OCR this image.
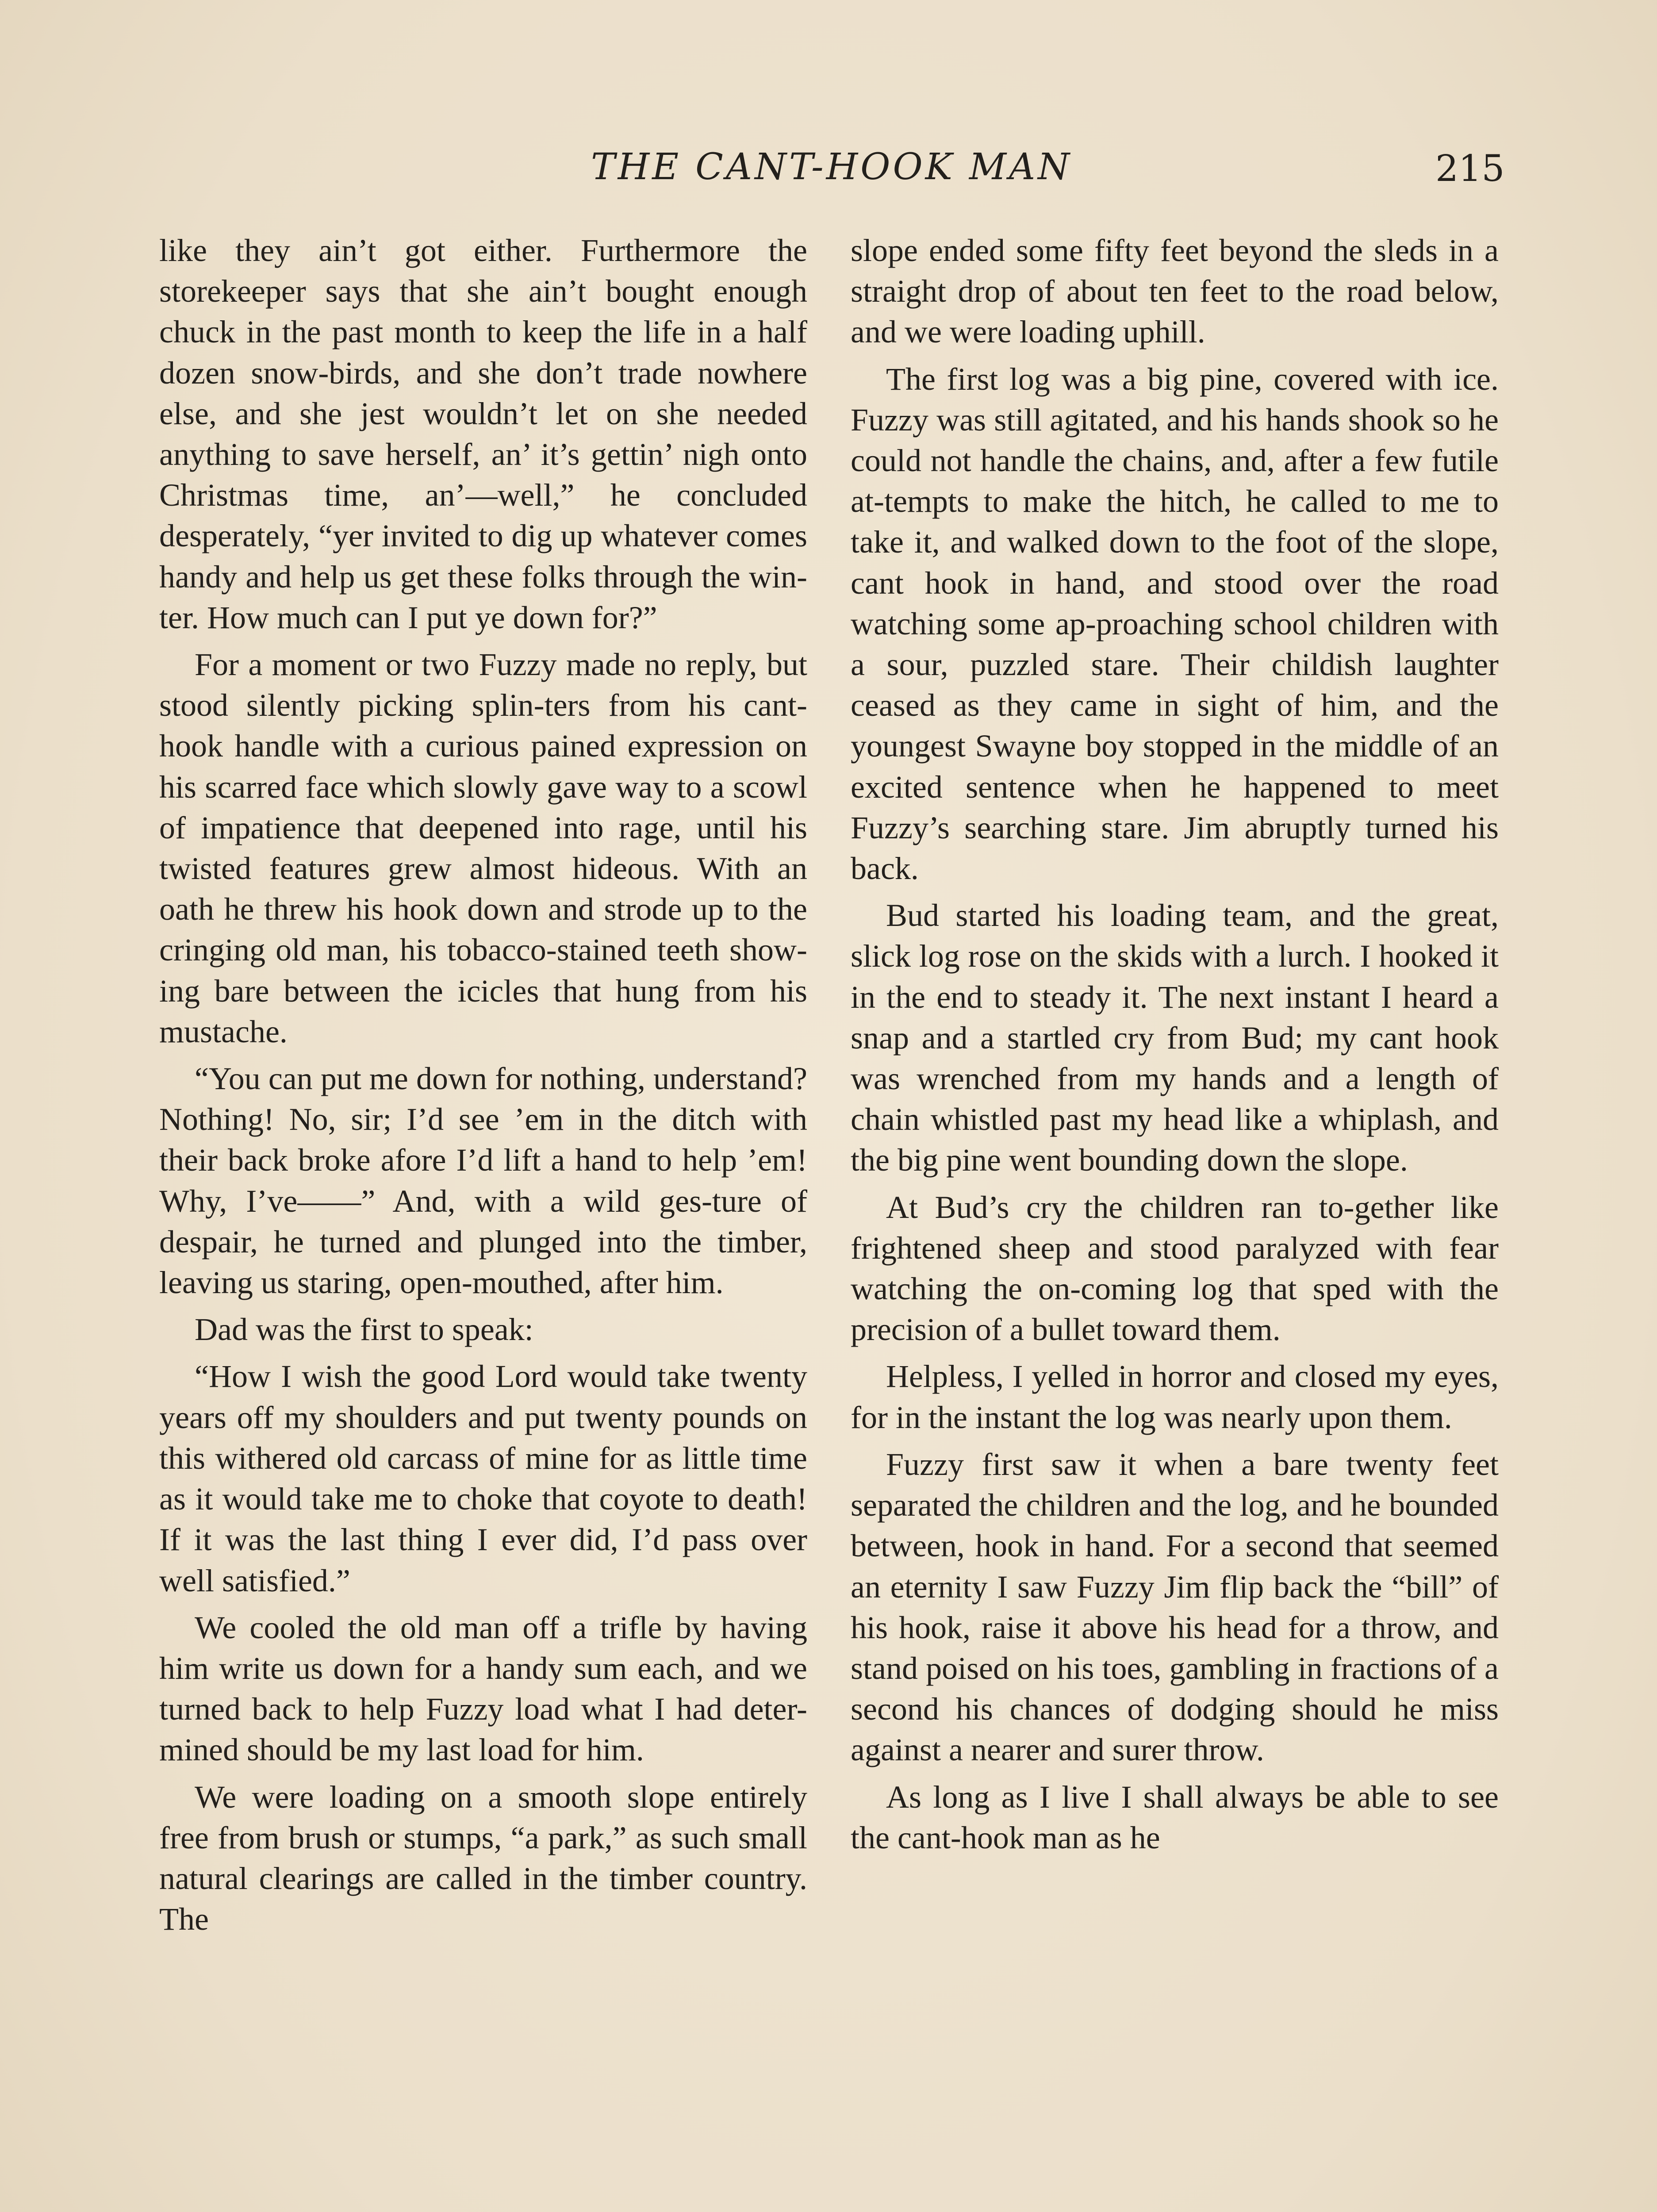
THE CANT-HOOK MAN	215

like they ain’t got either. Furthermore the storekeeper says that she ain’t bought enough chuck in the past month to keep the life in a half dozen snow-birds, and she don’t trade nowhere else, and she jest wouldn’t let on she needed anything to save herself, an’ it’s gettin’ nigh onto Christmas time, an’—well,” he concluded desperately, “yer invited to dig up whatever comes handy and help us get these folks through the win-ter. How much can I put ye down for?”

For a moment or two Fuzzy made no reply, but stood silently picking splin-ters from his cant-hook handle with a curious pained expression on his scarred face which slowly gave way to a scowl of impatience that deepened into rage, until his twisted features grew almost hideous. With an oath he threw his hook down and strode up to the cringing old man, his tobacco-stained teeth show-ing bare between the icicles that hung from his mustache.

“You can put me down for nothing, understand? Nothing! No, sir; I’d see ’em in the ditch with their back broke afore I’d lift a hand to help ’em! Why, I’ve——” And, with a wild ges-ture of despair, he turned and plunged into the timber, leaving us staring, open-mouthed, after him.

Dad was the first to speak:

“How I wish the good Lord would take twenty years off my shoulders and put twenty pounds on this withered old carcass of mine for as little time as it would take me to choke that coyote to death! If it was the last thing I ever did, I’d pass over well satisfied.”

We cooled the old man off a trifle by having him write us down for a handy sum each, and we turned back to help Fuzzy load what I had deter-mined should be my last load for him.

We were loading on a smooth slope entirely free from brush or stumps, “a park,” as such small natural clearings are called in the timber country. The

slope ended some fifty feet beyond the sleds in a straight drop of about ten feet to the road below, and we were loading uphill.

The first log was a big pine, covered with ice. Fuzzy was still agitated, and his hands shook so he could not handle the chains, and, after a few futile at-tempts to make the hitch, he called to me to take it, and walked down to the foot of the slope, cant hook in hand, and stood over the road watching some ap-proaching school children with a sour, puzzled stare. Their childish laughter ceased as they came in sight of him, and the youngest Swayne boy stopped in the middle of an excited sentence when he happened to meet Fuzzy’s searching stare. Jim abruptly turned his back.

Bud started his loading team, and the great, slick log rose on the skids with a lurch. I hooked it in the end to steady it. The next instant I heard a snap and a startled cry from Bud; my cant hook was wrenched from my hands and a length of chain whistled past my head like a whiplash, and the big pine went bounding down the slope.

At Bud’s cry the children ran to-gether like frightened sheep and stood paralyzed with fear watching the on-coming log that sped with the precision of a bullet toward them.

Helpless, I yelled in horror and closed my eyes, for in the instant the log was nearly upon them.

Fuzzy first saw it when a bare twenty feet separated the children and the log, and he bounded between, hook in hand. For a second that seemed an eternity I saw Fuzzy Jim flip back the “bill” of his hook, raise it above his head for a throw, and stand poised on his toes, gambling in fractions of a second his chances of dodging should he miss against a nearer and surer throw.

As long as I live I shall always be able to see the cant-hook man as he
